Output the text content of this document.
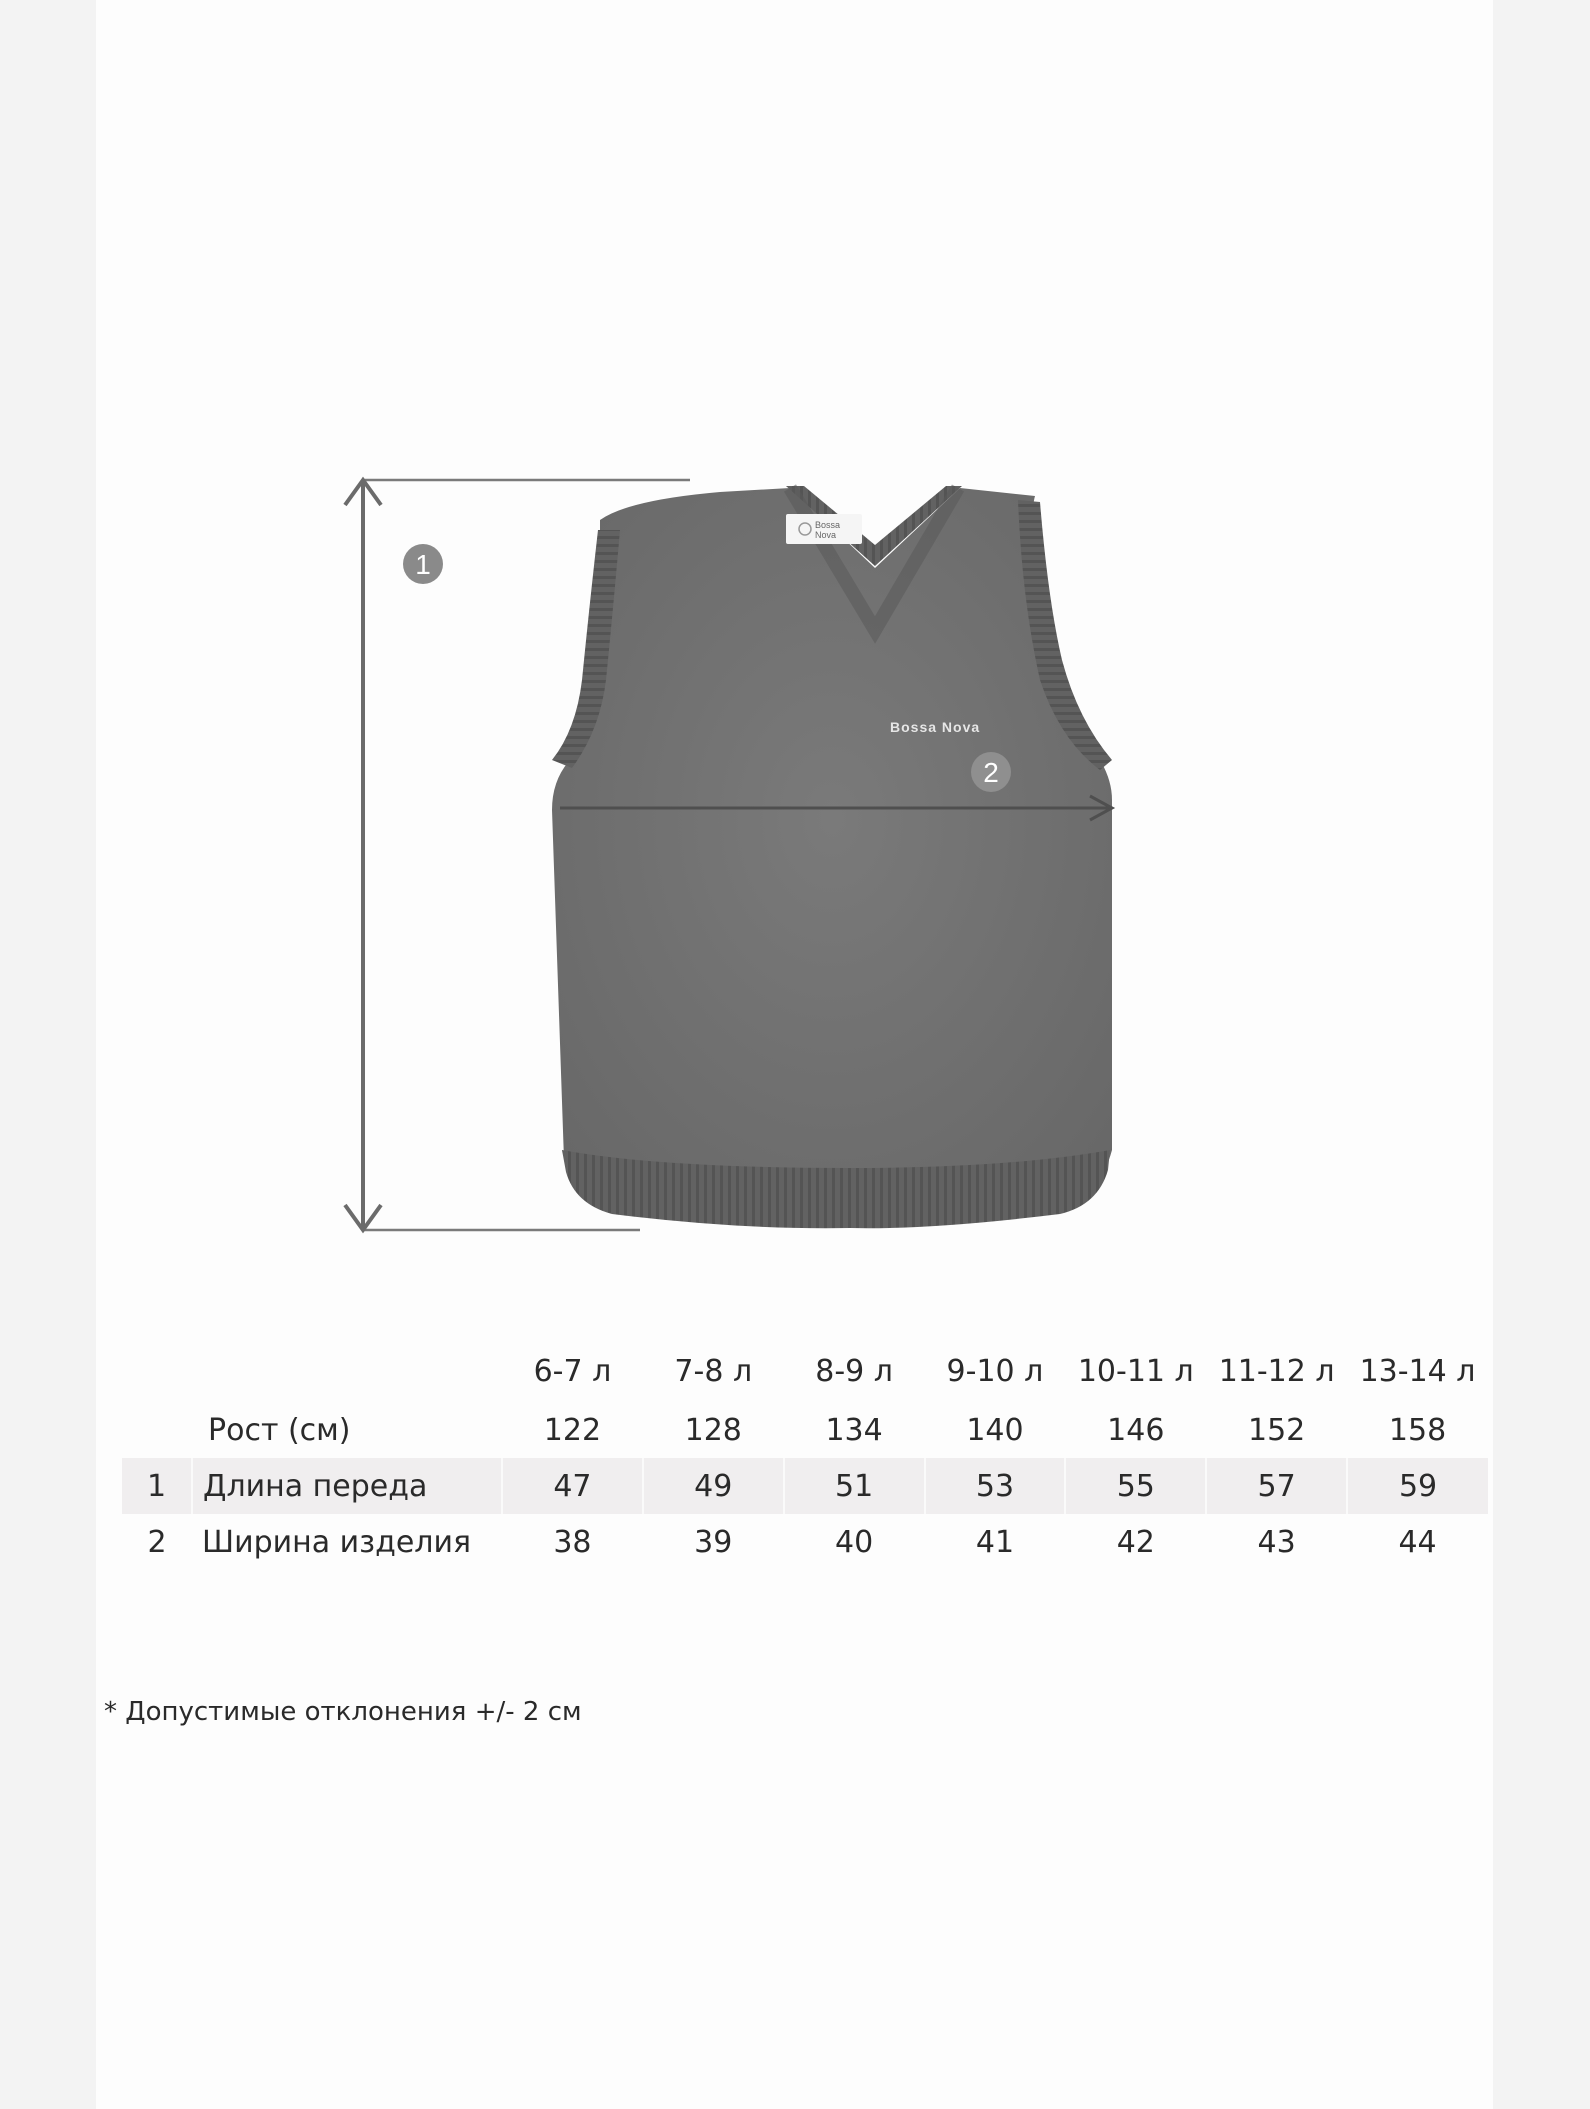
Bossa
Nova
Bossa Nova
1
2
		6-7 л	7-8 л	8-9 л	9-10 л	10-11 л	11-12 л	13-14 л
	Рост (см)	122	128	134	140	146	152	158
1	Длина переда	47	49	51	53	55	57	59
2	Ширина изделия	38	39	40	41	42	43	44
* Допустимые отклонения +/- 2 см
